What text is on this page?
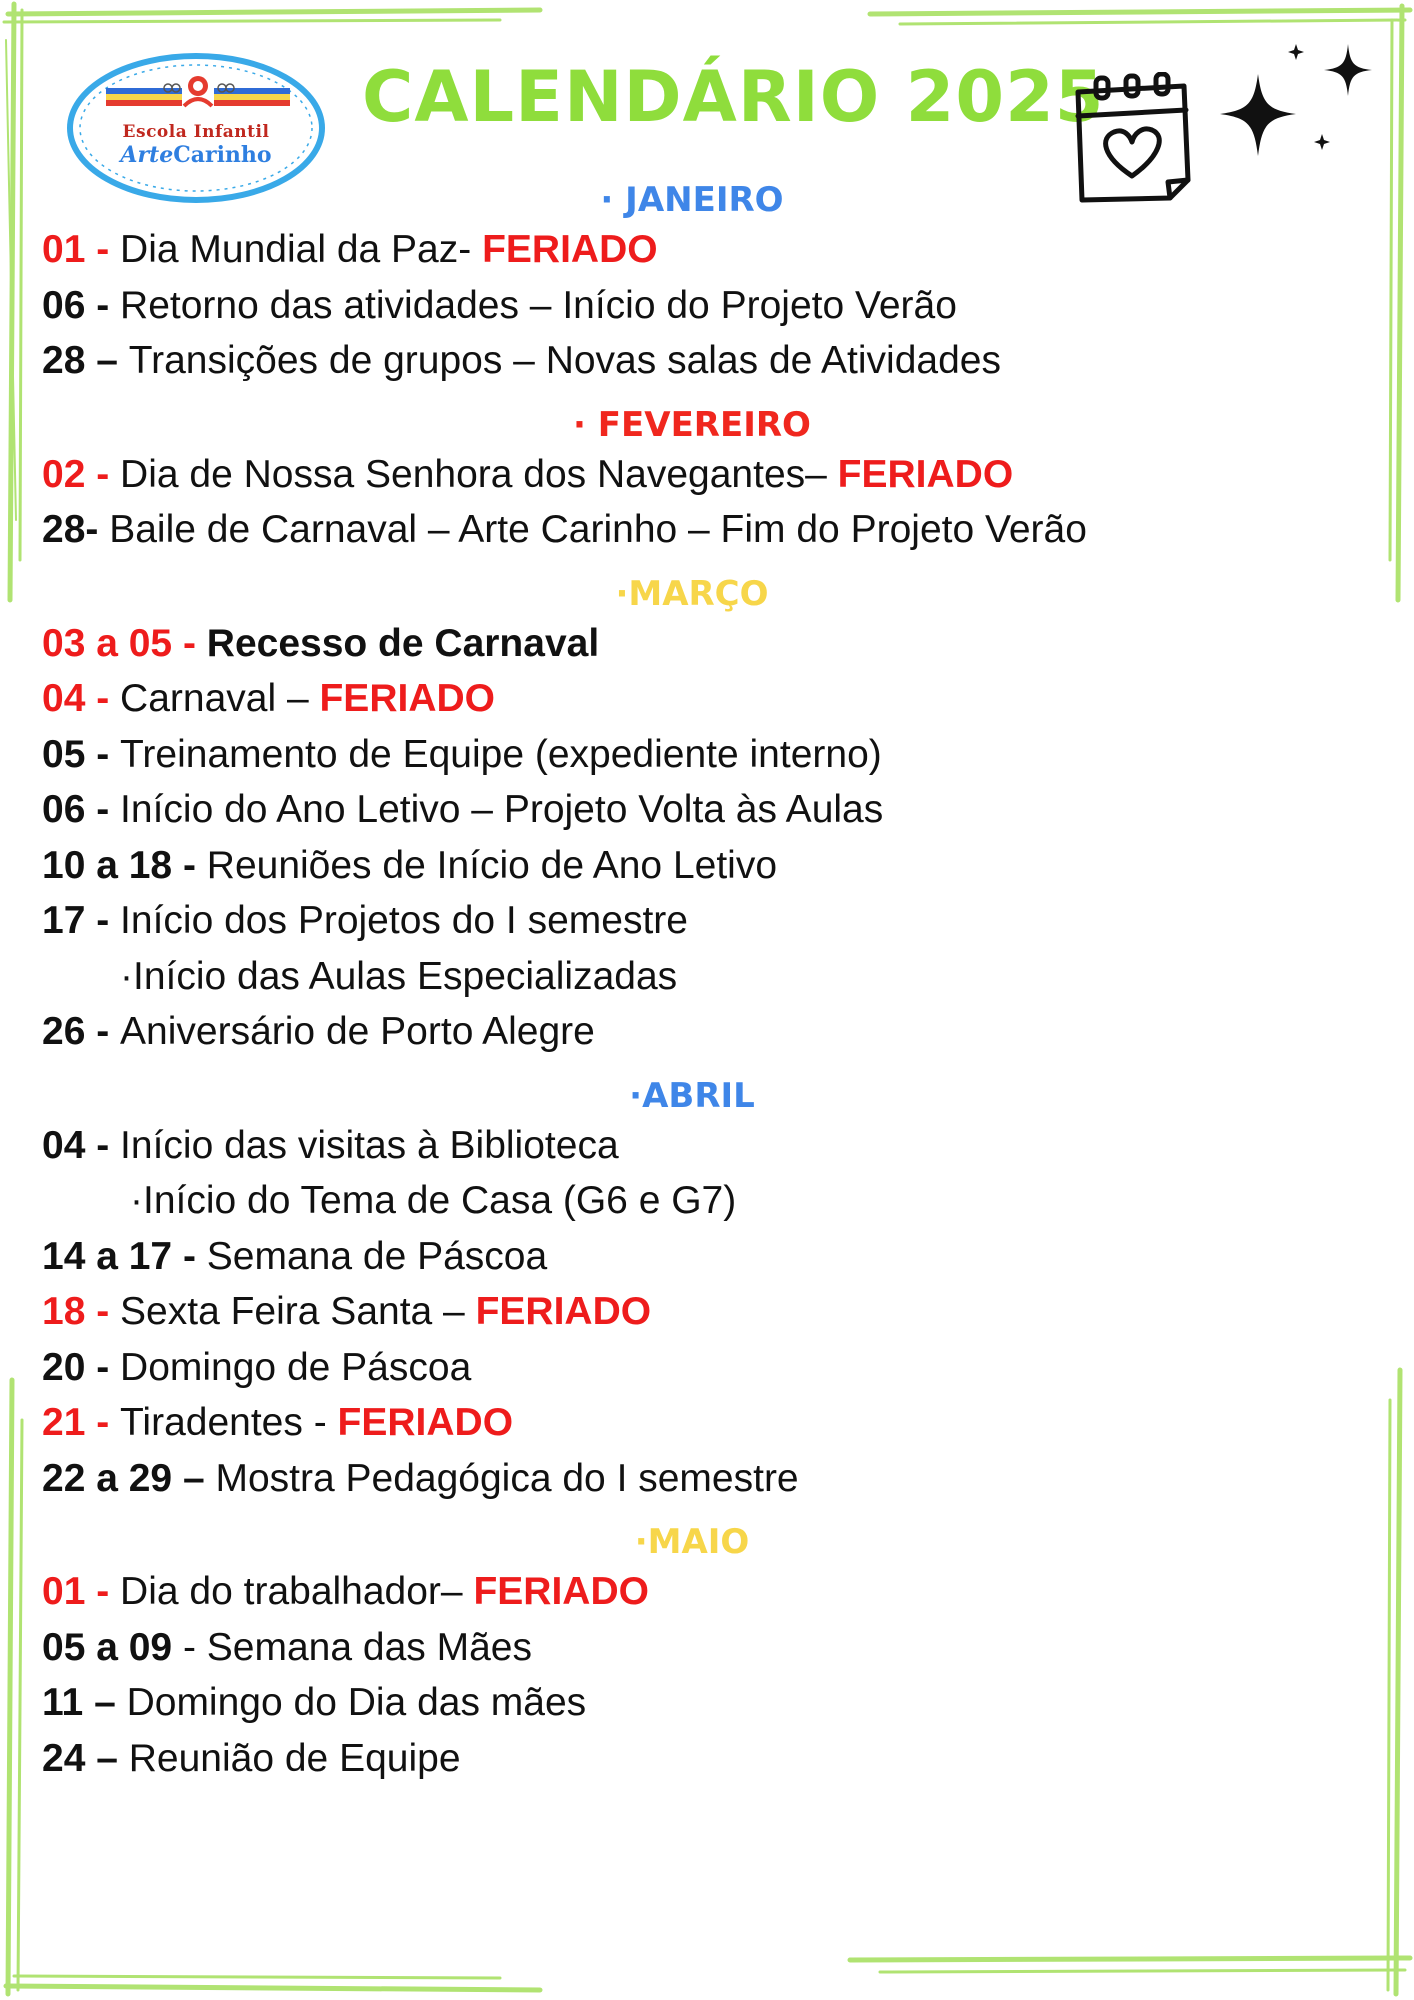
Escola Infantil
ArteCarinho
CALENDÁRIO 2025
· JANEIRO
01 - Dia Mundial da Paz- FERIADO
06 - Retorno das atividades – Início do Projeto Verão
28 – Transições de grupos – Novas salas de Atividades
· FEVEREIRO
02 - Dia de Nossa Senhora dos Navegantes– FERIADO
28- Baile de Carnaval – Arte Carinho – Fim do Projeto Verão
·MARÇO
03 a 05 - Recesso de Carnaval
04 - Carnaval – FERIADO
05 - Treinamento de Equipe (expediente interno)
06 - Início do Ano Letivo – Projeto Volta às Aulas
10 a 18 - Reuniões de Início de Ano Letivo
17 - Início dos Projetos do I semestre
·Início das Aulas Especializadas
26 - Aniversário de Porto Alegre
·ABRIL
04 - Início das visitas à Biblioteca
·Início do Tema de Casa (G6 e G7)
14 a 17 - Semana de Páscoa
18 - Sexta Feira Santa – FERIADO
20 - Domingo de Páscoa
21 - Tiradentes - FERIADO
22 a 29 – Mostra Pedagógica do I semestre
·MAIO
01 - Dia do trabalhador– FERIADO
05 a 09 - Semana das Mães
11 – Domingo do Dia das mães
24 – Reunião de Equipe
